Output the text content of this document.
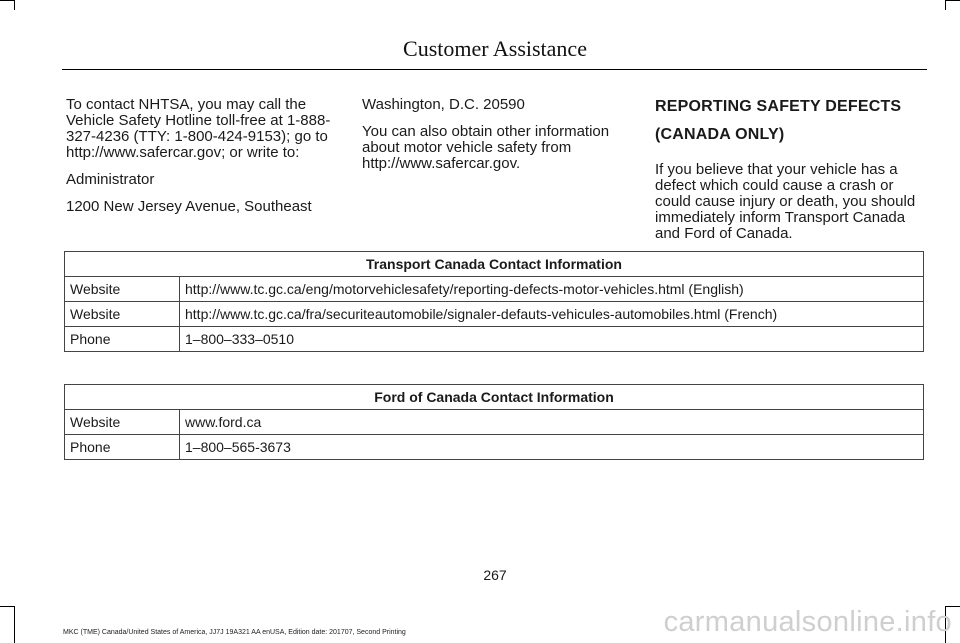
Customer Assistance

To contact NHTSA, you may call the Vehicle Safety Hotline toll-free at 1-888-327-4236 (TTY: 1-800-424-9153); go to http://www.safercar.gov; or write to:

Administrator

1200 New Jersey Avenue, Southeast

Washington, D.C. 20590

You can also obtain other information about motor vehicle safety from http://www.safercar.gov.

REPORTING SAFETY DEFECTS

(CANADA ONLY)

If you believe that your vehicle has a defect which could cause a crash or could cause injury or death, you should immediately inform Transport Canada and Ford of Canada.

Transport Canada Contact Information	
Website	http://www.tc.gc.ca/eng/motorvehiclesafety/reporting-defects-motor-vehicles.html (English)
Website	http://www.tc.gc.ca/fra/securiteautomobile/signaler-defauts-vehicules-automobiles.html (French)
Phone	1–800–333–0510
Ford of Canada Contact Information	
Website	www.ford.ca
Phone	1–800–565-3673
267
MKC (TME) Canada/United States of America, JJ7J 19A321 AA enUSA, Edition date: 201707, Second Printing	carmanualsonline.info
